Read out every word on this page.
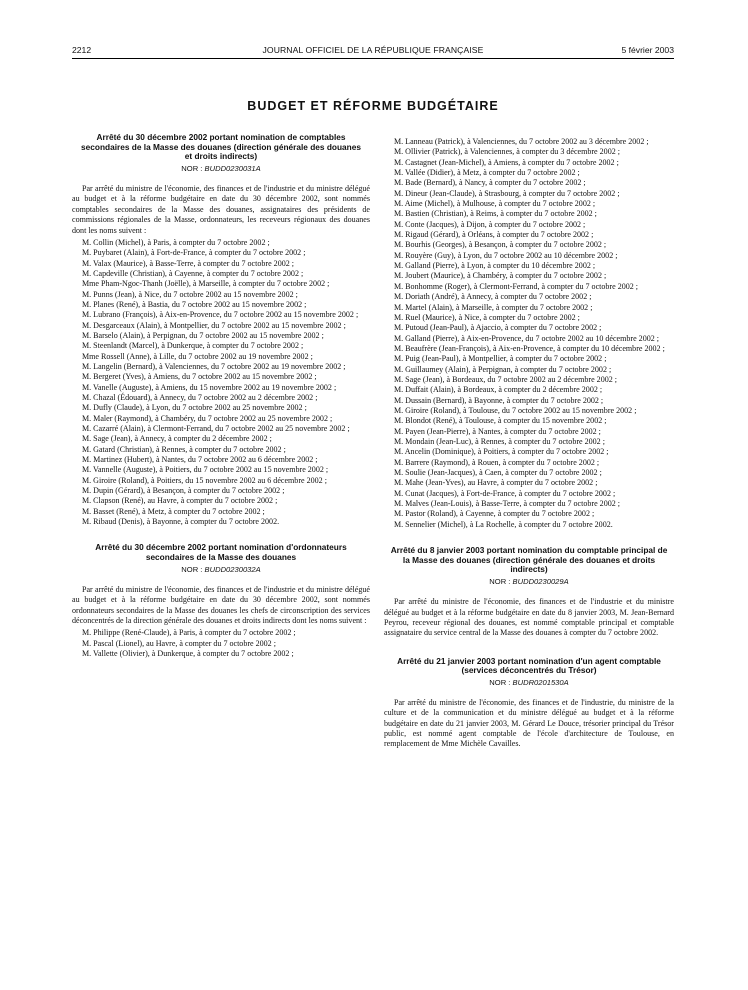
2212	JOURNAL OFFICIEL DE LA RÉPUBLIQUE FRANÇAISE	5 février 2003
BUDGET ET RÉFORME BUDGÉTAIRE
Arrêté du 30 décembre 2002 portant nomination de comptables secondaires de la Masse des douanes (direction générale des douanes et droits indirects)
NOR : BUDD0230031A

Par arrêté du ministre de l'économie, des finances et de l'industrie et du ministre délégué au budget et à la réforme budgétaire en date du 30 décembre 2002, sont nommés comptables secondaires de la Masse des douanes, assignataires des présidents de commissions régionales de la Masse, ordonnateurs, les receveurs régionaux des douanes dont les noms suivent :

M. Collin (Michel), à Paris, à compter du 7 octobre 2002 ;

M. Puybaret (Alain), à Fort-de-France, à compter du 7 octobre 2002 ;

M. Valax (Maurice), à Basse-Terre, à compter du 7 octobre 2002 ;

M. Capdeville (Christian), à Cayenne, à compter du 7 octobre 2002 ;

Mme Pham-Ngoc-Thanh (Joëlle), à Marseille, à compter du 7 octobre 2002 ;

M. Punns (Jean), à Nice, du 7 octobre 2002 au 15 novembre 2002 ;

M. Planes (René), à Bastia, du 7 octobre 2002 au 15 novembre 2002 ;

M. Lubrano (François), à Aix-en-Provence, du 7 octobre 2002 au 15 novembre 2002 ;

M. Desgarceaux (Alain), à Montpellier, du 7 octobre 2002 au 15 novembre 2002 ;

M. Barselo (Alain), à Perpignan, du 7 octobre 2002 au 15 novembre 2002 ;

M. Steenlandt (Marcel), à Dunkerque, à compter du 7 octobre 2002 ;

Mme Rossell (Anne), à Lille, du 7 octobre 2002 au 19 novembre 2002 ;

M. Langelin (Bernard), à Valenciennes, du 7 octobre 2002 au 19 novembre 2002 ;

M. Bergeret (Yves), à Amiens, du 7 octobre 2002 au 15 novembre 2002 ;

M. Vanelle (Auguste), à Amiens, du 15 novembre 2002 au 19 novembre 2002 ;

M. Chazal (Édouard), à Annecy, du 7 octobre 2002 au 2 décembre 2002 ;

M. Dufly (Claude), à Lyon, du 7 octobre 2002 au 25 novembre 2002 ;

M. Maler (Raymond), à Chambéry, du 7 octobre 2002 au 25 novembre 2002 ;

M. Cazarré (Alain), à Clermont-Ferrand, du 7 octobre 2002 au 25 novembre 2002 ;

M. Sage (Jean), à Annecy, à compter du 2 décembre 2002 ;

M. Gatard (Christian), à Rennes, à compter du 7 octobre 2002 ;

M. Martinez (Hubert), à Nantes, du 7 octobre 2002 au 6 décembre 2002 ;

M. Vannelle (Auguste), à Poitiers, du 7 octobre 2002 au 15 novembre 2002 ;

M. Giroire (Roland), à Poitiers, du 15 novembre 2002 au 6 décembre 2002 ;

M. Dupin (Gérard), à Besançon, à compter du 7 octobre 2002 ;

M. Clapson (René), au Havre, à compter du 7 octobre 2002 ;

M. Basset (René), à Metz, à compter du 7 octobre 2002 ;

M. Ribaud (Denis), à Bayonne, à compter du 7 octobre 2002.

Arrêté du 30 décembre 2002 portant nomination d'ordonnateurs secondaires de la Masse des douanes
NOR : BUDD0230032A

Par arrêté du ministre de l'économie, des finances et de l'industrie et du ministre délégué au budget et à la réforme budgétaire en date du 30 décembre 2002, sont nommés ordonnateurs secondaires de la Masse des douanes les chefs de circonscription des services déconcentrés de la direction générale des douanes et droits indirects dont les noms suivent :

M. Philippe (René-Claude), à Paris, à compter du 7 octobre 2002 ;

M. Pascal (Lionel), au Havre, à compter du 7 octobre 2002 ;

M. Vallette (Olivier), à Dunkerque, à compter du 7 octobre 2002 ;

M. Lanneau (Patrick), à Valenciennes, du 7 octobre 2002 au 3 décembre 2002 ;

M. Ollivier (Patrick), à Valenciennes, à compter du 3 décembre 2002 ;

M. Castagnet (Jean-Michel), à Amiens, à compter du 7 octobre 2002 ;

M. Vallée (Didier), à Metz, à compter du 7 octobre 2002 ;

M. Bade (Bernard), à Nancy, à compter du 7 octobre 2002 ;

M. Dineur (Jean-Claude), à Strasbourg, à compter du 7 octobre 2002 ;

M. Aime (Michel), à Mulhouse, à compter du 7 octobre 2002 ;

M. Bastien (Christian), à Reims, à compter du 7 octobre 2002 ;

M. Conte (Jacques), à Dijon, à compter du 7 octobre 2002 ;

M. Rigaud (Gérard), à Orléans, à compter du 7 octobre 2002 ;

M. Bourhis (Georges), à Besançon, à compter du 7 octobre 2002 ;

M. Rouyère (Guy), à Lyon, du 7 octobre 2002 au 10 décembre 2002 ;

M. Galland (Pierre), à Lyon, à compter du 10 décembre 2002 ;

M. Joubert (Maurice), à Chambéry, à compter du 7 octobre 2002 ;

M. Bonhomme (Roger), à Clermont-Ferrand, à compter du 7 octobre 2002 ;

M. Doriath (André), à Annecy, à compter du 7 octobre 2002 ;

M. Martel (Alain), à Marseille, à compter du 7 octobre 2002 ;

M. Ruel (Maurice), à Nice, à compter du 7 octobre 2002 ;

M. Putoud (Jean-Paul), à Ajaccio, à compter du 7 octobre 2002 ;

M. Galland (Pierre), à Aix-en-Provence, du 7 octobre 2002 au 10 décembre 2002 ;

M. Beaufrère (Jean-François), à Aix-en-Provence, à compter du 10 décembre 2002 ;

M. Puig (Jean-Paul), à Montpellier, à compter du 7 octobre 2002 ;

M. Guillaumey (Alain), à Perpignan, à compter du 7 octobre 2002 ;

M. Sage (Jean), à Bordeaux, du 7 octobre 2002 au 2 décembre 2002 ;

M. Duffait (Alain), à Bordeaux, à compter du 2 décembre 2002 ;

M. Dussain (Bernard), à Bayonne, à compter du 7 octobre 2002 ;

M. Giroire (Roland), à Toulouse, du 7 octobre 2002 au 15 novembre 2002 ;

M. Blondot (René), à Toulouse, à compter du 15 novembre 2002 ;

M. Payen (Jean-Pierre), à Nantes, à compter du 7 octobre 2002 ;

M. Mondain (Jean-Luc), à Rennes, à compter du 7 octobre 2002 ;

M. Ancelin (Dominique), à Poitiers, à compter du 7 octobre 2002 ;

M. Barrere (Raymond), à Rouen, à compter du 7 octobre 2002 ;

M. Soulie (Jean-Jacques), à Caen, à compter du 7 octobre 2002 ;

M. Mahe (Jean-Yves), au Havre, à compter du 7 octobre 2002 ;

M. Cunat (Jacques), à Fort-de-France, à compter du 7 octobre 2002 ;

M. Malves (Jean-Louis), à Basse-Terre, à compter du 7 octobre 2002 ;

M. Pastor (Roland), à Cayenne, à compter du 7 octobre 2002 ;

M. Sennelier (Michel), à La Rochelle, à compter du 7 octobre 2002.

Arrêté du 8 janvier 2003 portant nomination du comptable principal de la Masse des douanes (direction générale des douanes et droits indirects)
NOR : BUDD0230029A

Par arrêté du ministre de l'économie, des finances et de l'industrie et du ministre délégué au budget et à la réforme budgétaire en date du 8 janvier 2003, M. Jean-Bernard Peyrou, receveur régional des douanes, est nommé comptable principal et comptable assignataire du service central de la Masse des douanes à compter du 7 octobre 2002.

Arrêté du 21 janvier 2003 portant nomination d'un agent comptable (services déconcentrés du Trésor)
NOR : BUDR0201530A

Par arrêté du ministre de l'économie, des finances et de l'industrie, du ministre de la culture et de la communication et du ministre délégué au budget et à la réforme budgétaire en date du 21 janvier 2003, M. Gérard Le Douce, trésorier principal du Trésor public, est nommé agent comptable de l'école d'architecture de Toulouse, en remplacement de Mme Michèle Cavailles.
